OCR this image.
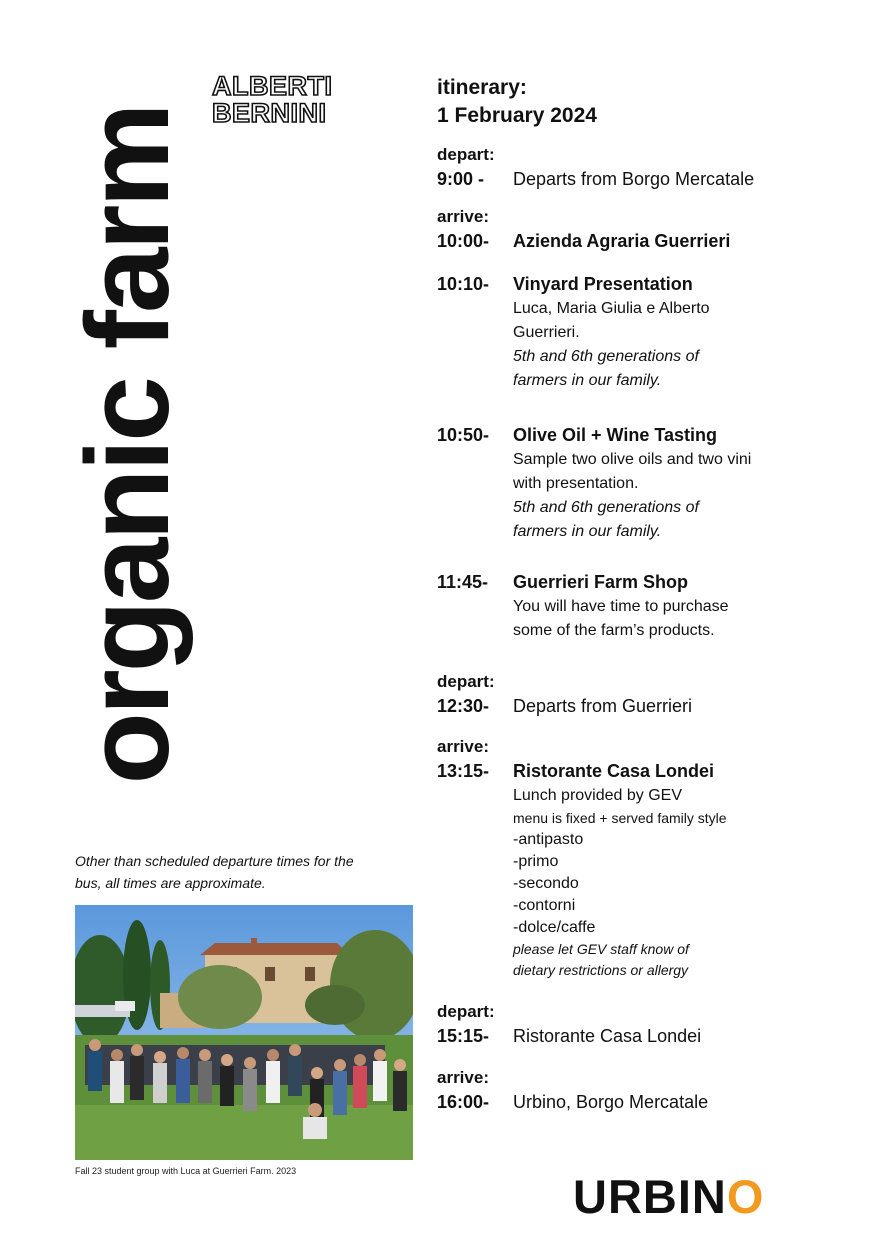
organic farm
ALBERTI
BERNINI
itinerary:
1 February 2024
depart:
9:00 -	Departs from Borgo Mercatale
arrive:
10:00-	Azienda Agraria Guerrieri
10:10-	Vinyard Presentation
Luca, Maria Giulia e Alberto
Guerrieri.
5th and 6th generations of
farmers in our family.
10:50-	Olive Oil + Wine Tasting
Sample two olive oils and two vini
with presentation.
5th and 6th generations of
farmers in our family.
11:45-	Guerrieri Farm Shop
You will have time to purchase
some of the farm’s products.
depart:
12:30-	Departs from Guerrieri
arrive:
13:15-	Ristorante Casa Londei
Lunch provided by GEV
menu is fixed + served family style
-antipasto
-primo
-secondo
-contorni
-dolce/caffe
please let GEV staff know of
dietary restrictions or allergy
depart:
15:15-	Ristorante Casa Londei
arrive:
16:00-	Urbino, Borgo Mercatale
Other than scheduled departure times for the
bus, all times are approximate.
Fall 23 student group with Luca at Guerrieri Farm. 2023	URBINO
